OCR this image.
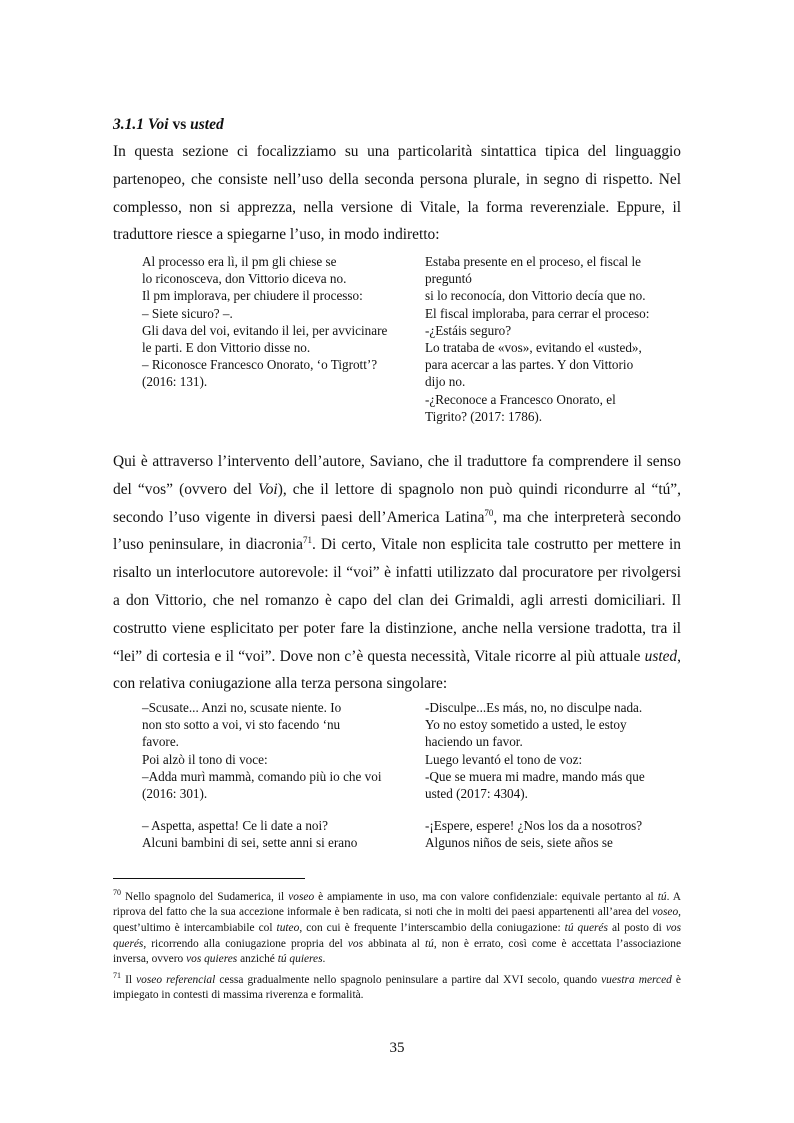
3.1.1 Voi vs usted

In questa sezione ci focalizziamo su una particolarità sintattica tipica del linguaggio partenopeo, che consiste nell’uso della seconda persona plurale, in segno di rispetto. Nel complesso, non si apprezza, nella versione di Vitale, la forma reverenziale. Eppure, il traduttore riesce a spiegarne l’uso, in modo indiretto:

Al processo era lì, il pm gli chiese se
lo riconosceva, don Vittorio diceva no.
Il pm implorava, per chiudere il processo:
– Siete sicuro? –.
Gli dava del voi, evitando il lei, per avvicinare
le parti. E don Vittorio disse no.
– Riconosce Francesco Onorato, ‘o Tigrott’?
(2016: 131).
Estaba presente en el proceso, el fiscal le
preguntó
si lo reconocía, don Vittorio decía que no.
El fiscal imploraba, para cerrar el proceso:
-¿Estáis seguro?
Lo trataba de «vos», evitando el «usted»,
para acercar a las partes. Y don Vittorio
dijo no.
-¿Reconoce a Francesco Onorato, el
Tigrito? (2017: 1786).

Qui è attraverso l’intervento dell’autore, Saviano, che il traduttore fa comprendere il senso del “vos” (ovvero del Voi), che il lettore di spagnolo non può quindi ricondurre al “tú”, secondo l’uso vigente in diversi paesi dell’America Latina$^{70}$, ma che interpreterà secondo l’uso peninsulare, in diacronia$^{71}$. Di certo, Vitale non esplicita tale costrutto per mettere in risalto un interlocutore autorevole: il “voi” è infatti utilizzato dal procuratore per rivolgersi a don Vittorio, che nel romanzo è capo del clan dei Grimaldi, agli arresti domiciliari. Il costrutto viene esplicitato per poter fare la distinzione, anche nella versione tradotta, tra il “lei” di cortesia e il “voi”. Dove non c’è questa necessità, Vitale ricorre al più attuale usted, con relativa coniugazione alla terza persona singolare:

–Scusate... Anzi no, scusate niente. Io
non sto sotto a voi, vi sto facendo ‘nu
favore.
Poi alzò il tono di voce:
–Adda murì mammà, comando più io che voi
(2016: 301).
-Disculpe...Es más, no, no disculpe nada.
Yo no estoy sometido a usted, le estoy
haciendo un favor.
Luego levantó el tono de voz:
-Que se muera mi madre, mando más que
usted (2017: 4304).
– Aspetta, aspetta! Ce li date a noi?
Alcuni bambini di sei, sette anni si erano
-¡Espere, espere! ¿Nos los da a nosotros?
Algunos niños de seis, siete años se

$^{70}$ Nello spagnolo del Sudamerica, il voseo è ampiamente in uso, ma con valore confidenziale: equivale pertanto al tú. A riprova del fatto che la sua accezione informale è ben radicata, si noti che in molti dei paesi appartenenti all’area del voseo, quest’ultimo è intercambiabile col tuteo, con cui è frequente l’interscambio della coniugazione: tú querés al posto di vos querés, ricorrendo alla coniugazione propria del vos abbinata al tú, non è errato, così come è accettata l’associazione inversa, ovvero vos quieres anziché tú quieres.

$^{71}$ Il voseo referencial cessa gradualmente nello spagnolo peninsulare a partire dal XVI secolo, quando vuestra merced è impiegato in contesti di massima riverenza e formalità.

35
